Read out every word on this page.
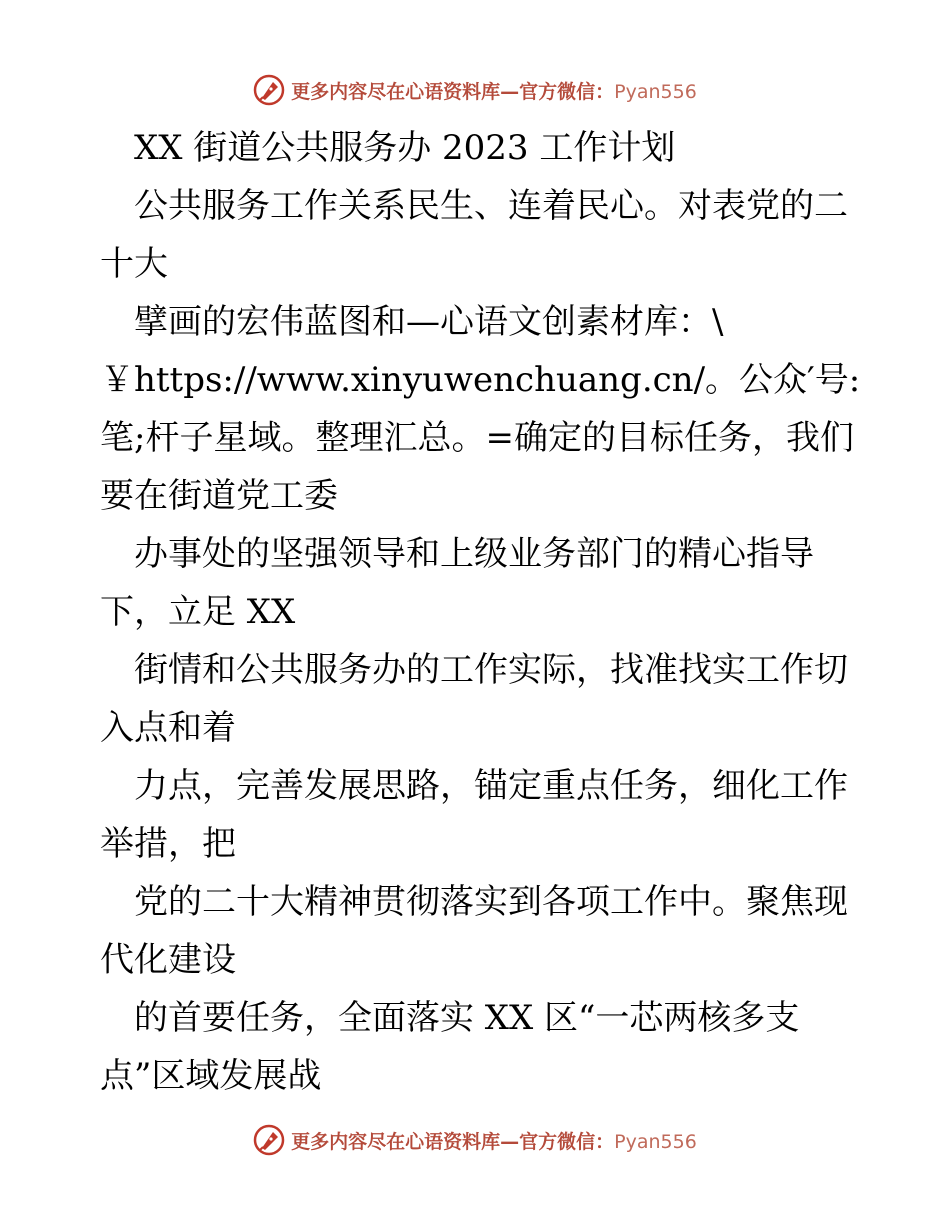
更多内容尽在心语资料库—官方微信：Pyan556
XX 街道公共服务办 2023 工作计划
公共服务工作关系民生、连着民心。对表党的二
十大
擘画的宏伟蓝图和—心语文创素材库：\
￥https://www.xinyuwenchuang.cn/。公众′号:
笔;杆子星域。整理汇总。=确定的目标任务，我们
要在街道党工委
办事处的坚强领导和上级业务部门的精心指导
下，立足 XX
街情和公共服务办的工作实际，找准找实工作切
入点和着
力点，完善发展思路，锚定重点任务，细化工作
举措，把
党的二十大精神贯彻落实到各项工作中。聚焦现
代化建设
的首要任务，全面落实 XX 区“一芯两核多支
点”区域发展战
更多内容尽在心语资料库—官方微信：Pyan556
